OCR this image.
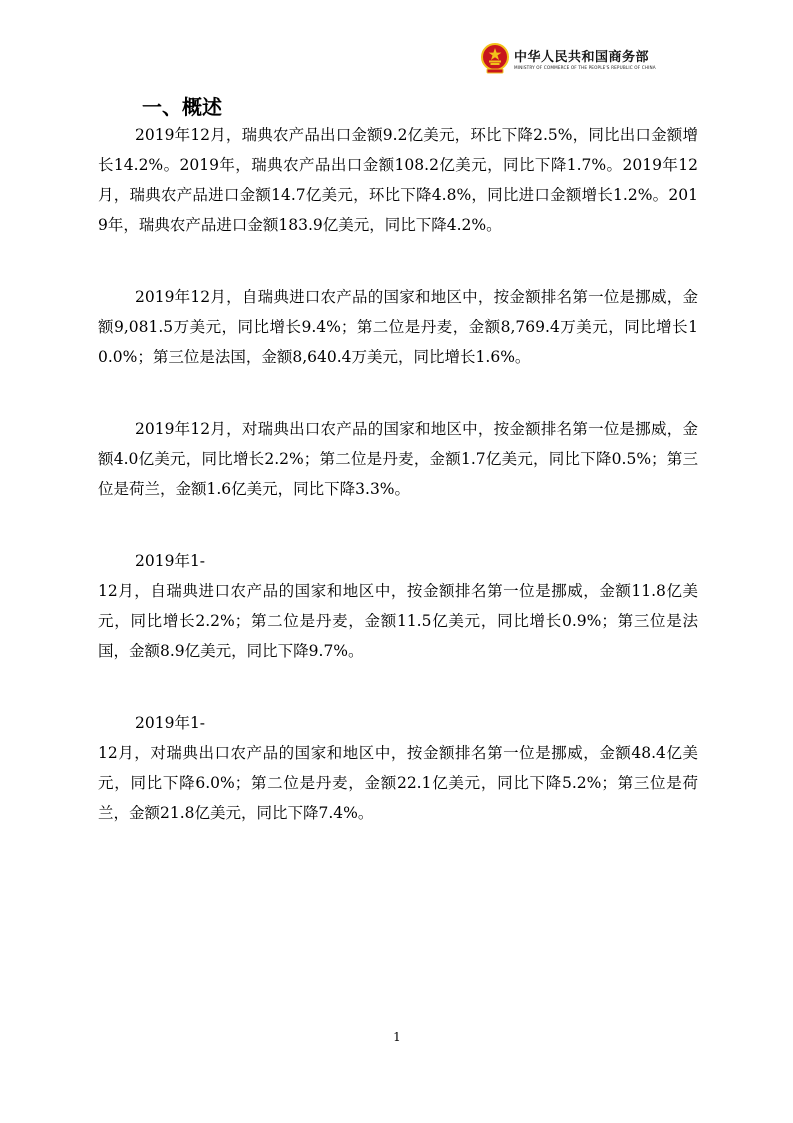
中华人民共和国商务部
MINISTRY OF COMMERCE OF THE PEOPLE'S REPUBLIC OF CHINA
一、概述

2019年12月，瑞典农产品出口金额9.2亿美元，环比下降2.5%，同比出口金额增长14.2%。2019年，瑞典农产品出口金额108.2亿美元，同比下降1.7%。2019年12月，瑞典农产品进口金额14.7亿美元，环比下降4.8%，同比进口金额增长1.2%。2019年，瑞典农产品进口金额183.9亿美元，同比下降4.2%。

2019年12月，自瑞典进口农产品的国家和地区中，按金额排名第一位是挪威，金额9,081.5万美元，同比增长9.4%；第二位是丹麦，金额8,769.4万美元，同比增长10.0%；第三位是法国，金额8,640.4万美元，同比增长1.6%。

2019年12月，对瑞典出口农产品的国家和地区中，按金额排名第一位是挪威，金额4.0亿美元，同比增长2.2%；第二位是丹麦，金额1.7亿美元，同比下降0.5%；第三位是荷兰，金额1.6亿美元，同比下降3.3%。

2019年1-
12月，自瑞典进口农产品的国家和地区中，按金额排名第一位是挪威，金额11.8亿美元，同比增长2.2%；第二位是丹麦，金额11.5亿美元，同比增长0.9%；第三位是法国，金额8.9亿美元，同比下降9.7%。

2019年1-
12月，对瑞典出口农产品的国家和地区中，按金额排名第一位是挪威，金额48.4亿美元，同比下降6.0%；第二位是丹麦，金额22.1亿美元，同比下降5.2%；第三位是荷兰，金额21.8亿美元，同比下降7.4%。

1
